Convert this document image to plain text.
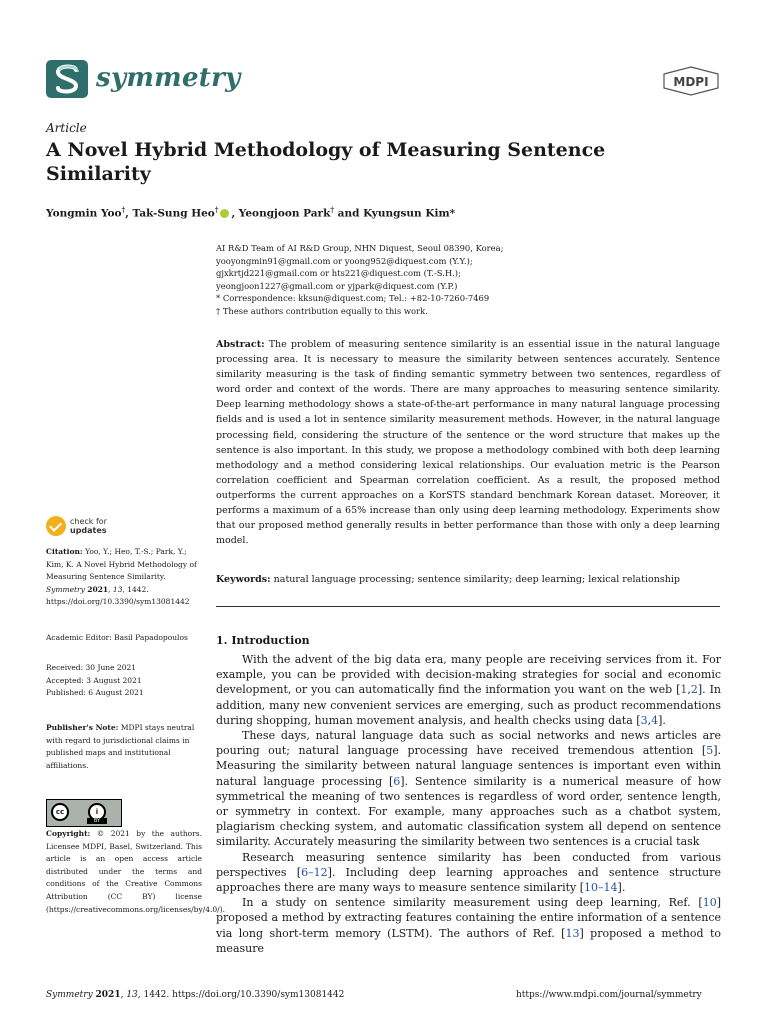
symmetry	MDPI
Article
A Novel Hybrid Methodology of Measuring Sentence Similarity
Yongmin Yoo†, Tak-Sung Heo† , Yeongjoon Park† and Kyungsun Kim*
AI R&D Team of AI R&D Group, NHN Diquest, Seoul 08390, Korea;
yooyongmin91@gmail.com or yoong952@diquest.com (Y.Y.);
gjxkrtjd221@gmail.com or hts221@diquest.com (T.-S.H.);
yeongjoon1227@gmail.com or yjpark@diquest.com (Y.P.)
* Correspondence: kksun@diquest.com; Tel.: +82-10-7260-7469
† These authors contribution equally to this work.
Abstract: The problem of measuring sentence similarity is an essential issue in the natural language processing area. It is necessary to measure the similarity between sentences accurately. Sentence similarity measuring is the task of finding semantic symmetry between two sentences, regardless of word order and context of the words. There are many approaches to measuring sentence similarity. Deep learning methodology shows a state-of-the-art performance in many natural language processing fields and is used a lot in sentence similarity measurement methods. However, in the natural language processing field, considering the structure of the sentence or the word structure that makes up the sentence is also important. In this study, we propose a methodology combined with both deep learning methodology and a method considering lexical relationships. Our evaluation metric is the Pearson correlation coefficient and Spearman correlation coefficient. As a result, the proposed method outperforms the current approaches on a KorSTS standard benchmark Korean dataset. Moreover, it performs a maximum of a 65% increase than only using deep learning methodology. Experiments show that our proposed method generally results in better performance than those with only a deep learning model.
Keywords: natural language processing; sentence similarity; deep learning; lexical relationship
check for
updates
Citation: Yoo, Y.; Heo, T.-S.; Park, Y.; Kim, K. A Novel Hybrid Methodology of Measuring Sentence Similarity. Symmetry 2021, 13, 1442. https://doi.org/10.3390/sym13081442
Academic Editor: Basil Papadopoulos
Received: 30 June 2021
Accepted: 3 August 2021
Published: 6 August 2021
Publisher's Note: MDPI stays neutral with regard to jurisdictional claims in published maps and institutional affiliations.
cc	i
BY
Copyright: © 2021 by the authors. Licensee MDPI, Basel, Switzerland. This article is an open access article distributed under the terms and conditions of the Creative Commons Attribution (CC BY) license (https://creativecommons.org/licenses/by/4.0/).
1. Introduction

With the advent of the big data era, many people are receiving services from it. For example, you can be provided with decision-making strategies for social and economic development, or you can automatically find the information you want on the web [1,2]. In addition, many new convenient services are emerging, such as product recommendations during shopping, human movement analysis, and health checks using data [3,4].

These days, natural language data such as social networks and news articles are pouring out; natural language processing have received tremendous attention [5]. Measuring the similarity between natural language sentences is important even within natural language processing [6]. Sentence similarity is a numerical measure of how symmetrical the meaning of two sentences is regardless of word order, sentence length, or symmetry in context. For example, many approaches such as a chatbot system, plagiarism checking system, and automatic classification system all depend on sentence similarity. Accurately measuring the similarity between two sentences is a crucial task

Research measuring sentence similarity has been conducted from various perspectives [6–12]. Including deep learning approaches and sentence structure approaches there are many ways to measure sentence similarity [10–14].

In a study on sentence similarity measurement using deep learning, Ref. [10] proposed a method by extracting features containing the entire information of a sentence via long short-term memory (LSTM). The authors of Ref. [13] proposed a method to measure

Symmetry 2021, 13, 1442. https://doi.org/10.3390/sym13081442	https://www.mdpi.com/journal/symmetry
